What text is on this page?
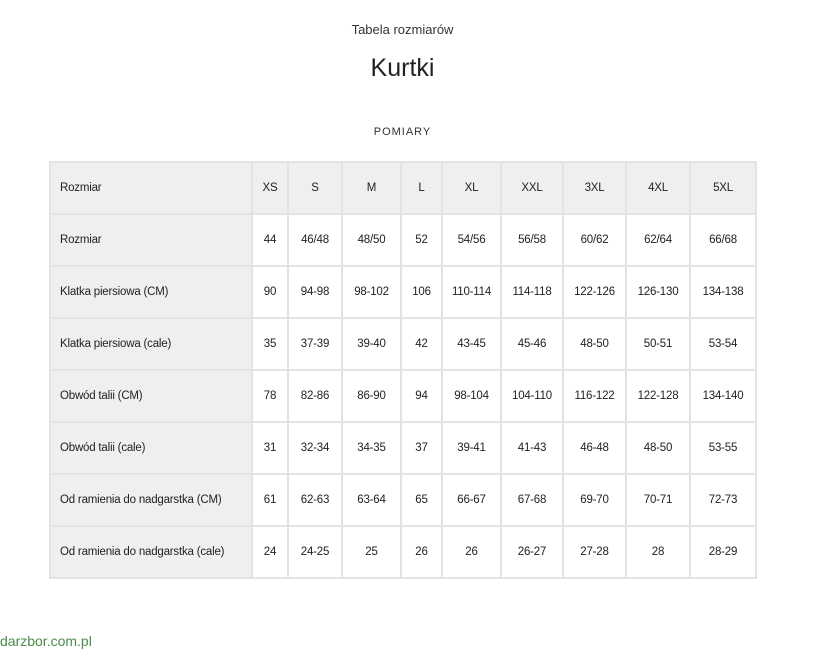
Tabela rozmiarów
Kurtki
POMIARY
Rozmiar	XS	S	M	L	XL	XXL	3XL	4XL	5XL
Rozmiar	44	46/48	48/50	52	54/56	56/58	60/62	62/64	66/68
Klatka piersiowa (CM)	90	94-98	98-102	106	110-114	114-118	122-126	126-130	134-138
Klatka piersiowa (cale)	35	37-39	39-40	42	43-45	45-46	48-50	50-51	53-54
Obwód talii (CM)	78	82-86	86-90	94	98-104	104-110	116-122	122-128	134-140
Obwód talii (cale)	31	32-34	34-35	37	39-41	41-43	46-48	48-50	53-55
Od ramienia do nadgarstka (CM)	61	62-63	63-64	65	66-67	67-68	69-70	70-71	72-73
Od ramienia do nadgarstka (cale)	24	24-25	25	26	26	26-27	27-28	28	28-29
darzbor.com.pl
